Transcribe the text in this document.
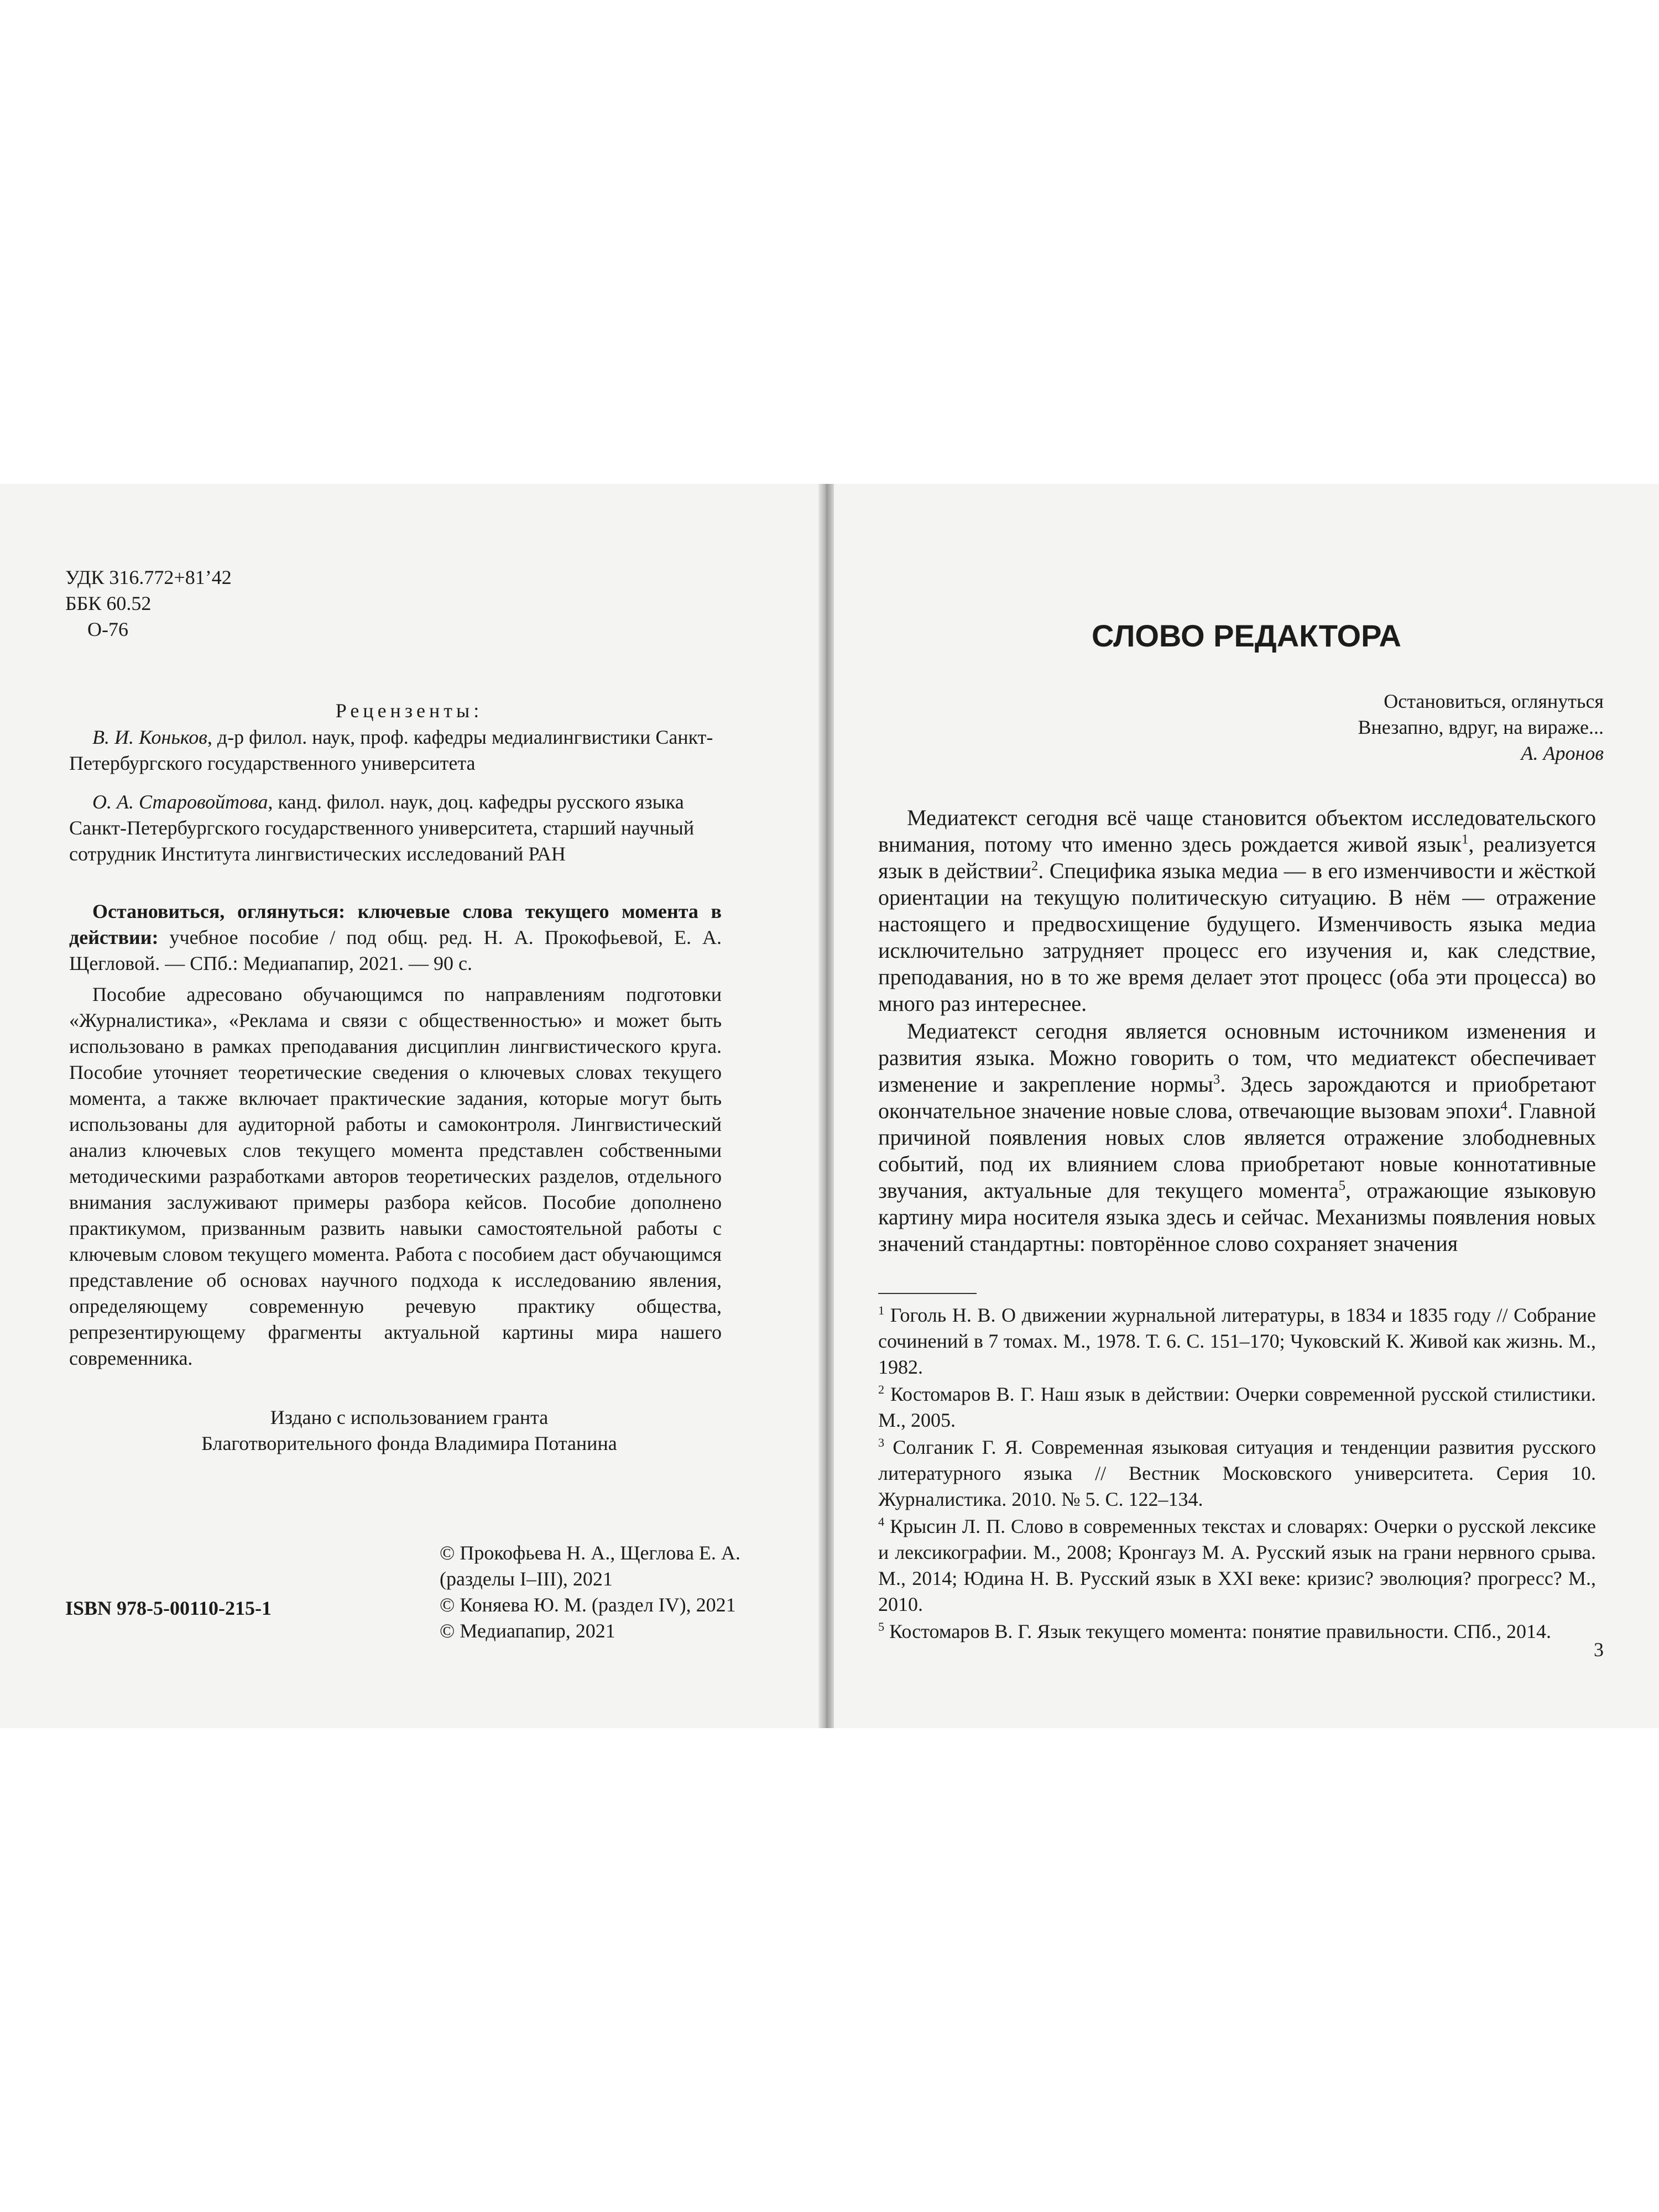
УДК 316.772+81’42
ББК 60.52
О-76
Рецензенты:

В. И. Коньков, д-р филол. наук, проф. кафедры медиалингвистики Санкт-Петербургского государственного университета

О. А. Старовойтова, канд. филол. наук, доц. кафедры русского языка Санкт-Петербургского государственного университета, старший научный сотрудник Института лингвистических исследований РАН

Остановиться, оглянуться: ключевые слова текущего момента в действии: учебное пособие / под общ. ред. Н. А. Прокофьевой, Е. А. Щегловой. — СПб.: Медиапапир, 2021. — 90 с.

Пособие адресовано обучающимся по направлениям подготовки «Журналистика», «Реклама и связи с общественностью» и может быть использовано в рамках преподавания дисциплин лингвистического круга. Пособие уточняет теоретические сведения о ключевых словах текущего момента, а также включает практические задания, которые могут быть использованы для аудиторной работы и самоконтроля. Лингвистический анализ ключевых слов текущего момента представлен собственными методическими разработками авторов теоретических разделов, отдельного внимания заслуживают примеры разбора кейсов. Пособие дополнено практикумом, призванным развить навыки самостоятельной работы с ключевым словом текущего момента. Работа с пособием даст обучающимся представление об основах научного подхода к исследованию явления, определяющему современную речевую практику общества, репрезентирующему фрагменты актуальной картины мира нашего современника.

Издано с использованием гранта
Благотворительного фонда Владимира Потанина
ISBN 978-5-00110-215-1
© Прокофьева Н. А., Щеглова Е. А. (разделы I–III), 2021
© Коняева Ю. М. (раздел IV), 2021
© Медиапапир, 2021
СЛОВО РЕДАКТОРА
Остановиться, оглянуться
Внезапно, вдруг, на вираже...
А. Аронов

Медиатекст сегодня всё чаще становится объектом исследовательского внимания, потому что именно здесь рождается живой язык$^1$, реализуется язык в действии$^2$. Специфика языка медиа — в его изменчивости и жёсткой ориентации на текущую политическую ситуацию. В нём — отражение настоящего и предвосхищение будущего. Изменчивость языка медиа исключительно затрудняет процесс его изучения и, как следствие, преподавания, но в то же время делает этот процесс (оба эти процесса) во много раз интереснее.

Медиатекст сегодня является основным источником изменения и развития языка. Можно говорить о том, что медиатекст обеспечивает изменение и закрепление нормы$^3$. Здесь зарождаются и приобретают окончательное значение новые слова, отвечающие вызовам эпохи$^4$. Главной причиной появления новых слов является отражение злободневных событий, под их влиянием слова приобретают новые коннотативные звучания, актуальные для текущего момента$^5$, отражающие языковую картину мира носителя языка здесь и сейчас. Механизмы появления новых значений стандартны: повторённое слово сохраняет значения

$^1$ Гоголь Н. В. О движении журнальной литературы, в 1834 и 1835 году // Собрание сочинений в 7 томах. М., 1978. Т. 6. С. 151–170; Чуковский К. Живой как жизнь. М., 1982.

$^2$ Костомаров В. Г. Наш язык в действии: Очерки современной русской стилистики. М., 2005.

$^3$ Солганик Г. Я. Современная языковая ситуация и тенденции развития русского литературного языка // Вестник Московского университета. Серия 10. Журналистика. 2010. № 5. С. 122–134.

$^4$ Крысин Л. П. Слово в современных текстах и словарях: Очерки о русской лексике и лексикографии. М., 2008; Кронгауз М. А. Русский язык на грани нервного срыва. М., 2014; Юдина Н. В. Русский язык в XXI веке: кризис? эволюция? прогресс? М., 2010.

$^5$ Костомаров В. Г. Язык текущего момента: понятие правильности. СПб., 2014.

3
